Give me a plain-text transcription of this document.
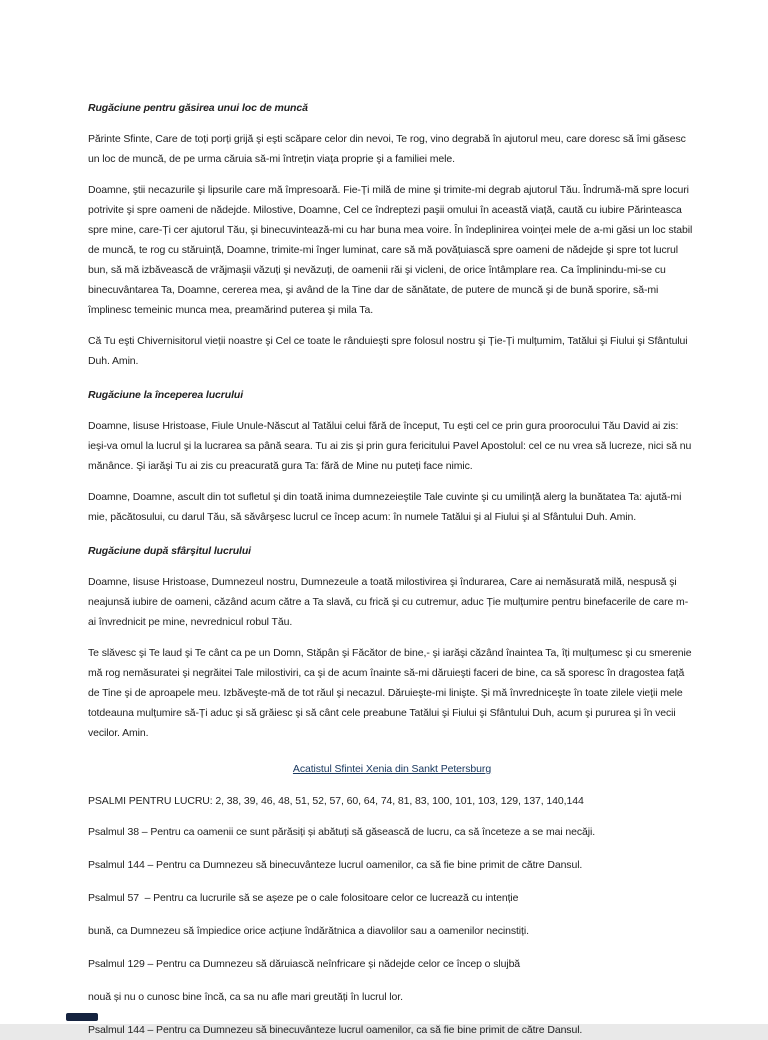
Rugăciune pentru găsirea unui loc de muncă
Părinte Sfinte, Care de toți porți grijă şi eşti scăpare celor din nevoi, Te rog, vino degrabă în ajutorul meu, care doresc să îmi găsesc un loc de muncă, de pe urma căruia să-mi întrețin viața proprie şi a familiei mele.
Doamne, ştii necazurile şi lipsurile care mă împresoară. Fie-Ți milă de mine şi trimite-mi degrab ajutorul Tău. Îndrumă-mă spre locuri potrivite şi spre oameni de nădejde. Milostive, Doamne, Cel ce îndreptezi paşii omului în această viață, caută cu iubire Părinteasca spre mine, care-Ți cer ajutorul Tău, şi binecuvintează-mi cu har buna mea voire. În îndeplinirea voinței mele de a-mi găsi un loc stabil de muncă, te rog cu stăruință, Doamne, trimite-mi înger luminat, care să mă povățuiască spre oameni de nădejde şi spre tot lucrul bun, să mă izbăvească de vrăjmaşii văzuți şi nevăzuți, de oamenii răi şi vicleni, de orice întâmplare rea. Ca împlinindu-mi-se cu binecuvântarea Ta, Doamne, cererea mea, şi având de la Tine dar de sănătate, de putere de muncă şi de bună sporire, să-mi împlinesc temeinic munca mea, preamărind puterea şi mila Ta.
Că Tu eşti Chivernisitorul vieții noastre şi Cel ce toate le rânduieşti spre folosul nostru şi Ție-Ți mulțumim, Tatălui şi Fiului şi Sfântului Duh. Amin.
Rugăciune la începerea lucrului
Doamne, Iisuse Hristoase, Fiule Unule-Născut al Tatălui celui fără de început, Tu eşti cel ce prin gura proorocului Tău David ai zis: ieşi-va omul la lucrul şi la lucrarea sa până seara. Tu ai zis şi prin gura fericitului Pavel Apostolul: cel ce nu vrea să lucreze, nici să nu mănânce. Şi iarăşi Tu ai zis cu preacurată gura Ta: fără de Mine nu puteți face nimic.
Doamne, Doamne, ascult din tot sufletul şi din toată inima dumnezeieştile Tale cuvinte şi cu umilință alerg la bunătatea Ta: ajută-mi mie, păcătosului, cu darul Tău, să săvârşesc lucrul ce încep acum: în numele Tatălui şi al Fiului şi al Sfântului Duh. Amin.
Rugăciune după sfârşitul lucrului
Doamne, Iisuse Hristoase, Dumnezeul nostru, Dumnezeule a toată milostivirea şi îndurarea, Care ai nemăsurată milă, nespusă şi neajunsă iubire de oameni, căzând acum către a Ta slavă, cu frică şi cu cutremur, aduc Ție mulțumire pentru binefacerile de care m-ai învrednicit pe mine, nevrednicul robul Tău.
Te slăvesc şi Te laud şi Te cânt ca pe un Domn, Stăpân şi Făcător de bine,- şi iarăşi căzând înaintea Ta, îți mulțumesc şi cu smerenie mă rog nemăsuratei şi negrăitei Tale milostiviri, ca şi de acum înainte să-mi dăruieşti faceri de bine, ca să sporesc în dragostea față de Tine şi de aproapele meu. Izbăveşte-mă de tot răul şi necazul. Dăruieşte-mi linişte. Şi mă învredniceşte în toate zilele vieții mele totdeauna mulțumire să-Ți aduc şi să grăiesc şi să cânt cele preabune Tatălui şi Fiului şi Sfântului Duh, acum şi pururea şi în vecii vecilor. Amin.
Acatistul Sfintei Xenia din Sankt Petersburg
PSALMI PENTRU LUCRU: 2, 38, 39, 46, 48, 51, 52, 57, 60, 64, 74, 81, 83, 100, 101, 103, 129, 137, 140,144
Psalmul 38 – Pentru ca oamenii ce sunt părăsiți și abătuți să găsească de lucru, ca să înceteze a se mai necăji.
Psalmul 144 – Pentru ca Dumnezeu să binecuvânteze lucrul oamenilor, ca să fie bine primit de către Dansul.
Psalmul 57  – Pentru ca lucrurile să se așeze pe o cale folositoare celor ce lucrează cu intenție
bună, ca Dumnezeu să împiedice orice acțiune îndărătnica a diavolilor sau a oamenilor necinstiți.
Psalmul 129 – Pentru ca Dumnezeu să dăruiască neînfricare și nădejde celor ce încep o slujbă
nouă și nu o cunosc bine încă, ca sa nu afle mari greutăți în lucrul lor.
Psalmul 144 – Pentru ca Dumnezeu să binecuvânteze lucrul oamenilor, ca să fie bine primit de către Dansul.
